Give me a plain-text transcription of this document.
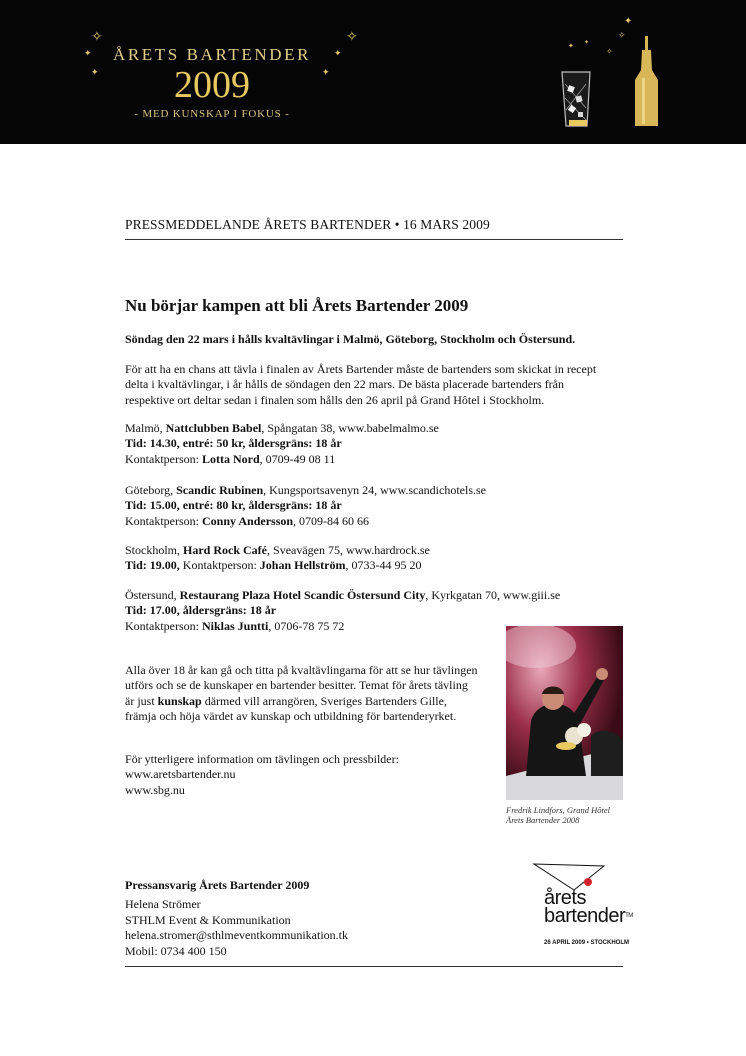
✧	✧
✦	✦
✦	✦
ÅRETS BARTENDER
2009
- MED KUNSKAP I FOKUS -
✦
✧
✦ ✦
✧
PRESSMEDDELANDE ÅRETS BARTENDER • 16 MARS 2009
Nu börjar kampen att bli Årets Bartender 2009
Söndag den 22 mars i hålls kvaltävlingar i Malmö, Göteborg, Stockholm och Östersund.

För att ha en chans att tävla i finalen av Årets Bartender måste de bartenders som skickat in recept

delta i kvaltävlingar, i år hålls de söndagen den 22 mars. De bästa placerade bartenders från

respektive ort deltar sedan i finalen som hålls den 26 april på Grand Hôtel i Stockholm.

Malmö, Nattclubben Babel, Spångatan 38, www.babelmalmo.se
Tid: 14.30, entré: 50 kr, åldersgräns: 18 år
Kontaktperson: Lotta Nord, 0709-49 08 11
Göteborg, Scandic Rubinen, Kungsportsavenyn 24, www.scandichotels.se
Tid: 15.00, entré: 80 kr, åldersgräns: 18 år
Kontaktperson: Conny Andersson, 0709-84 60 66
Stockholm, Hard Rock Café, Sveavägen 75, www.hardrock.se
Tid: 19.00, Kontaktperson: Johan Hellström, 0733-44 95 20
Östersund, Restaurang Plaza Hotel Scandic Östersund City, Kyrkgatan 70, www.giii.se
Tid: 17.00, åldersgräns: 18 år
Kontaktperson: Niklas Juntti, 0706-78 75 72
Alla över 18 år kan gå och titta på kvaltävlingarna för att se hur tävlingen
utförs och se de kunskaper en bartender besitter. Temat för årets tävling
är just kunskap därmed vill arrangören, Sveriges Bartenders Gille,
främja och höja värdet av kunskap och utbildning för bartenderyrket.
För ytterligere information om tävlingen och pressbilder:
www.aretsbartender.nu
www.sbg.nu
Fredrik Lindfors, Grand Hôtel
Årets Bartender 2008
Pressansvarig Årets Bartender 2009
Helena Strömer
STHLM Event & Kommunikation
helena.stromer@sthlmeventkommunikation.tk
Mobil: 0734 400 150
årets
bartender™
26 APRIL 2009 • STOCKHOLM
